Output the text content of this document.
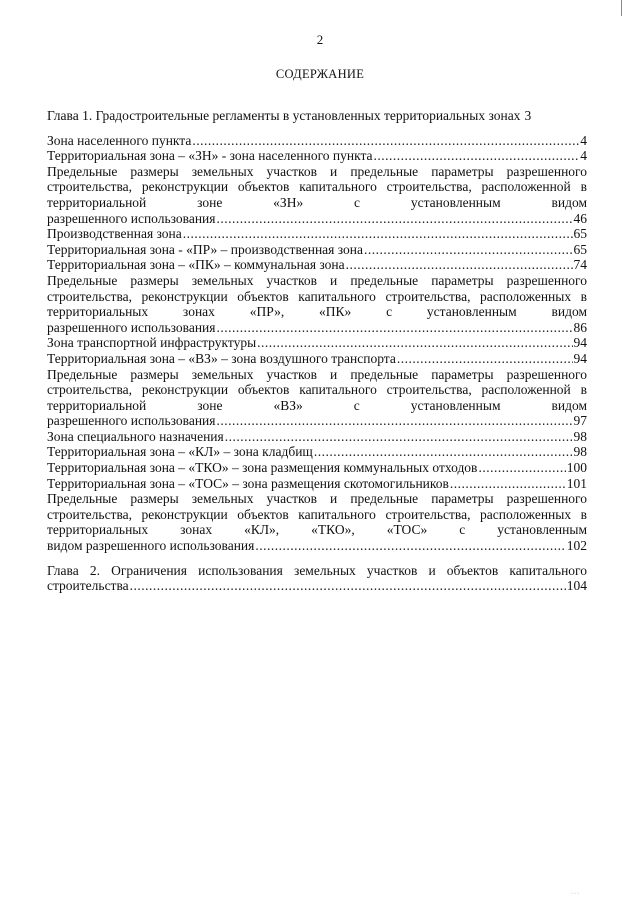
2
СОДЕРЖАНИЕ
Глава 1. Градостроительные регламенты в установленных территориальных зонах 3
Зона населенного пункта .....	4
Территориальная зона – «ЗН» - зона населенного пункта .....	4
Предельные размеры земельных участков и предельные параметры разрешенного строительства, реконструкции объектов капитального строительства, расположенной в территориальной зоне «ЗН» с установленным видом
разрешенного использования .....	46
Производственная зона .....	65
Территориальная зона - «ПР» – производственная зона .....	65
Территориальная зона – «ПК» – коммунальная зона .....	74
Предельные размеры земельных участков и предельные параметры разрешенного строительства, реконструкции объектов капитального строительства, расположенных в территориальных зонах «ПР», «ПК» с установленным видом
разрешенного использования .....	86
Зона транспортной инфраструктуры .....	94
Территориальная зона – «ВЗ» – зона воздушного транспорта .....	94
Предельные размеры земельных участков и предельные параметры разрешенного строительства, реконструкции объектов капитального строительства, расположенной в территориальной зоне «ВЗ» с установленным видом
разрешенного использования .....	97
Зона специального назначения .....	98
Территориальная зона – «КЛ» – зона кладбищ .....	98
Территориальная зона – «ТКО» – зона размещения коммунальных отходов .....	100
Территориальная зона – «ТОС» – зона размещения скотомогильников .....	101
Предельные размеры земельных участков и предельные параметры разрешенного строительства, реконструкции объектов капитального строительства, расположенных в территориальных зонах «КЛ», «ТКО», «ТОС» с установленным
видом разрешенного использования .....	102
Глава 2. Ограничения использования земельных участков и объектов капитального
строительства .....	104
···
